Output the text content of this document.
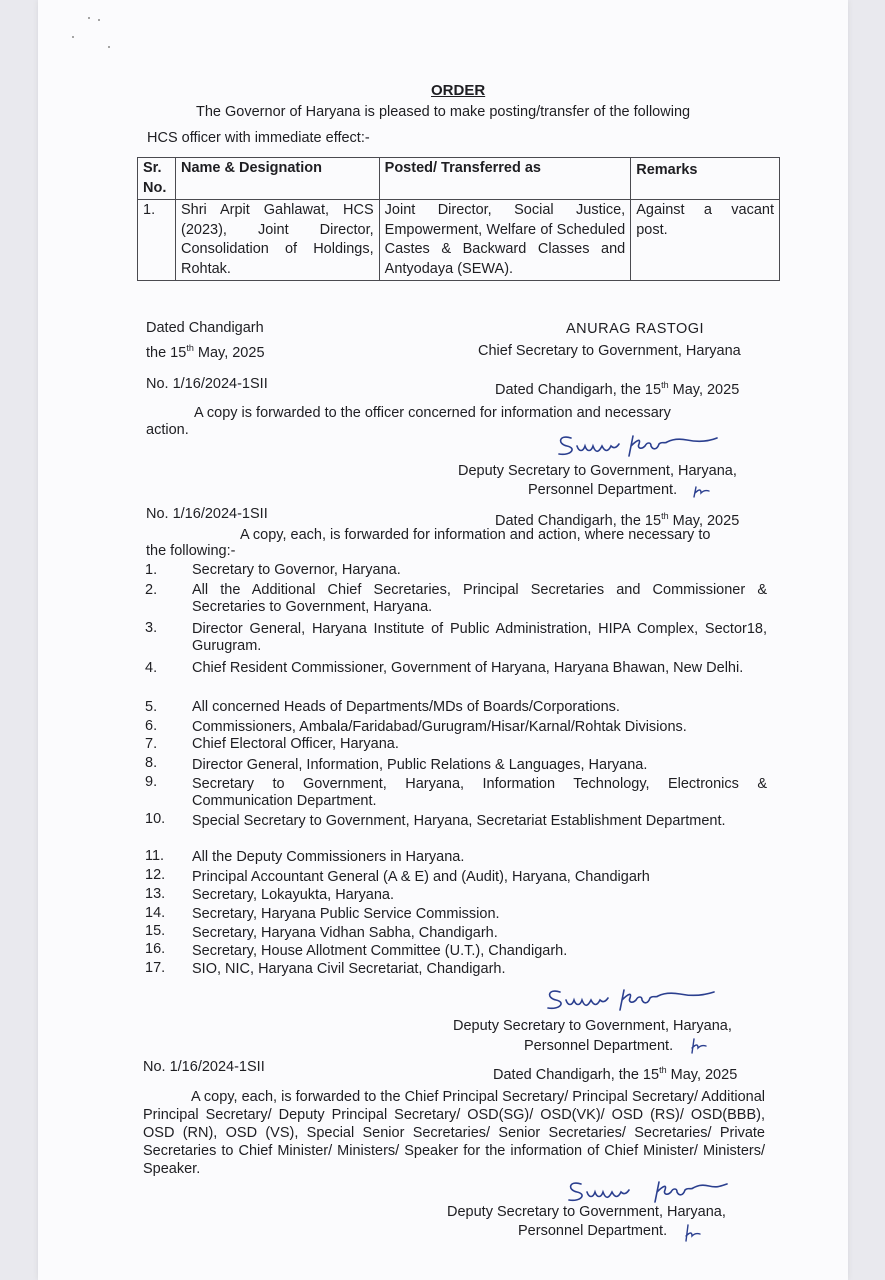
ORDER
The Governor of Haryana is pleased to make posting/transfer of the following
HCS officer with immediate effect:-
Sr.
No.	Name & Designation	Posted/ Transferred as	Remarks
1.	Shri Arpit Gahlawat, HCS (2023), Joint Director, Consolidation of Holdings, Rohtak.	Joint Director, Social Justice, Empowerment, Welfare of Scheduled Castes & Backward Classes and Antyodaya (SEWA).	Against a vacant post.
Dated Chandigarh
the 15th May, 2025
ANURAG RASTOGI
Chief Secretary to Government, Haryana
No. 1/16/2024-1SII	Dated Chandigarh, the 15th May, 2025
A copy is forwarded to the officer concerned for information and necessary
action.
Deputy Secretary to Government, Haryana,
Personnel Department.
No. 1/16/2024-1SII	Dated Chandigarh, the 15th May, 2025
A copy, each, is forwarded for information and action, where necessary to
the following:-
1. Secretary to Governor, Haryana.
2. All the Additional Chief Secretaries, Principal Secretaries and Commissioner & Secretaries to Government, Haryana.
3. Director General, Haryana Institute of Public Administration, HIPA Complex, Sector18, Gurugram.
4. Chief Resident Commissioner, Government of Haryana, Haryana Bhawan, New Delhi.
5. All concerned Heads of Departments/MDs of Boards/Corporations.
6. Commissioners, Ambala/Faridabad/Gurugram/Hisar/Karnal/Rohtak Divisions.
7. Chief Electoral Officer, Haryana.
8. Director General, Information, Public Relations & Languages, Haryana.
9. Secretary to Government, Haryana, Information Technology, Electronics & Communication Department.
10. Special Secretary to Government, Haryana, Secretariat Establishment Department.
11. All the Deputy Commissioners in Haryana.
12. Principal Accountant General (A & E) and (Audit), Haryana, Chandigarh
13. Secretary, Lokayukta, Haryana.
14. Secretary, Haryana Public Service Commission.
15. Secretary, Haryana Vidhan Sabha, Chandigarh.
16. Secretary, House Allotment Committee (U.T.), Chandigarh.
17. SIO, NIC, Haryana Civil Secretariat, Chandigarh.
Deputy Secretary to Government, Haryana,
Personnel Department.
No. 1/16/2024-1SII	Dated Chandigarh, the 15th May, 2025
A copy, each, is forwarded to the Chief Principal Secretary/ Principal Secretary/ Additional Principal Secretary/ Deputy Principal Secretary/ OSD(SG)/ OSD(VK)/ OSD (RS)/ OSD(BBB), OSD (RN), OSD (VS), Special Senior Secretaries/ Senior Secretaries/ Secretaries/ Private Secretaries to Chief Minister/ Ministers/ Speaker for the information of Chief Minister/ Ministers/ Speaker.
Deputy Secretary to Government, Haryana,
Personnel Department.
